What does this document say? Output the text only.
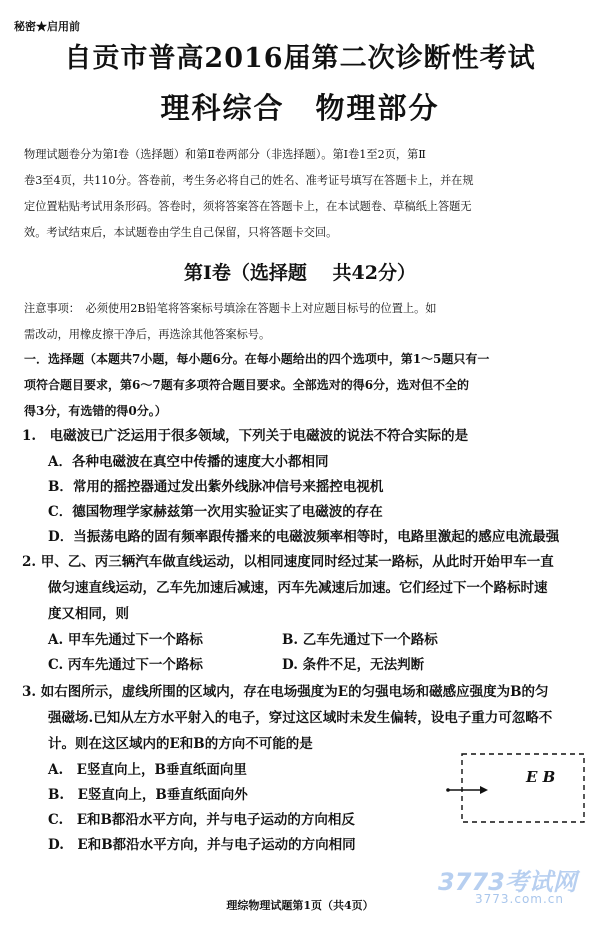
秘密★启用前
自贡市普高2016届第二次诊断性考试
理科综合　物理部分
物理试题卷分为第Ⅰ卷（选择题）和第Ⅱ卷两部分（非选择题）。第Ⅰ卷1至2页，第Ⅱ
卷3至4页，共110分。答卷前，考生务必将自己的姓名、准考证号填写在答题卡上，并在规
定位置粘贴考试用条形码。答卷时，须将答案答在答题卡上，在本试题卷、草稿纸上答题无
效。考试结束后，本试题卷由学生自己保留，只将答题卡交回。
第Ⅰ卷（选择题　 共42分）
注意事项：　必须使用2B铅笔将答案标号填涂在答题卡上对应题目标号的位置上。如
需改动，用橡皮擦干净后，再选涂其他答案标号。
一．选择题（本题共7小题，每小题6分。在每小题给出的四个选项中，第1～5题只有一
项符合题目要求，第6～7题有多项符合题目要求。全部选对的得6分，选对但不全的
得3分，有选错的得0分。）
1.　电磁波已广泛运用于很多领域，下列关于电磁波的说法不符合实际的是
A．各种电磁波在真空中传播的速度大小都相同
B．常用的摇控器通过发出紫外线脉冲信号来摇控电视机
C．德国物理学家赫兹第一次用实验证实了电磁波的存在
D．当振荡电路的固有频率跟传播来的电磁波频率相等时，电路里激起的感应电流最强
2. 甲、乙、丙三辆汽车做直线运动，以相同速度同时经过某一路标，从此时开始甲车一直
做匀速直线运动，乙车先加速后减速，丙车先减速后加速。它们经过下一个路标时速
度又相同，则
A. 甲车先通过下一个路标	B. 乙车先通过下一个路标
C. 丙车先通过下一个路标	D. 条件不足，无法判断
3. 如右图所示，虚线所围的区域内，存在电场强度为E的匀强电场和磁感应强度为B的匀
强磁场.已知从左方水平射入的电子，穿过这区域时未发生偏转，设电子重力可忽略不
计。则在这区域内的E和B的方向不可能的是
A.　E竖直向上，B垂直纸面向里
B.　E竖直向上，B垂直纸面向外
C.　E和B都沿水平方向，并与电子运动的方向相反
D.　E和B都沿水平方向，并与电子运动的方向相同
E B
3773考试网
3773.com.cn
理综物理试题第1页（共4页）
